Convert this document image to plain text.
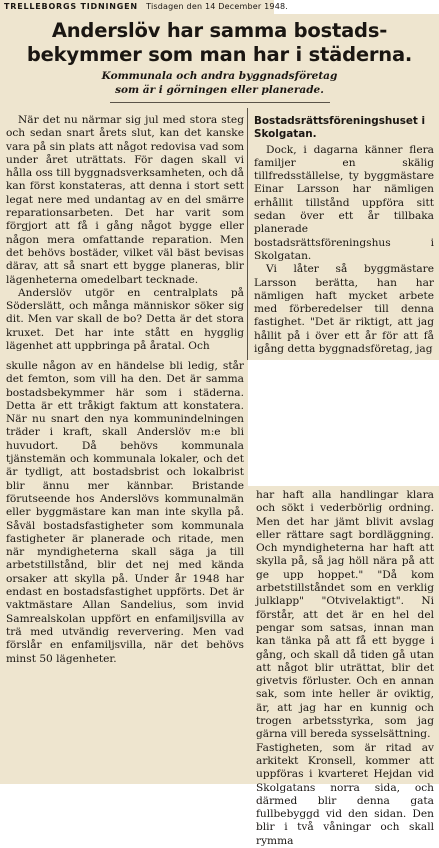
TRELLEBORGS TIDNINGEN Tisdagen den 14 December 1948.
Anderslöv har samma bostads-
bekymmer som man har i städerna.
Kommunala och andra byggnadsföretag
som är i görningen eller planerade.

När det nu närmar sig jul med stora steg och sedan snart årets slut, kan det kanske vara på sin plats att något redovisa vad som under året uträttats. För dagen skall vi hålla oss till byggnadsverksamheten, och då kan först konstateras, att denna i stort sett legat nere med undantag av en del smärre reparationsarbeten. Det har varit som förgjort att få i gång något bygge eller någon mera omfattande reparation. Men det behövs bostäder, vilket väl bäst bevisas därav, att så snart ett bygge planeras, blir lägenheterna omedelbart tecknade.

Anderslöv utgör en centralplats på Söderslätt, och många människor söker sig dit. Men var skall de bo? Detta är det stora kruxet. Det har inte stått en hygglig lägenhet att uppbringa på åratal. Och

Bostadsrättsföreningshuset i Skolgatan.

Dock, i dagarna känner flera familjer en skälig tillfredsställelse, ty byggmästare Einar Larsson har nämligen erhållit tillstånd uppföra sitt sedan över ett år tillbaka planerade bostadsrättsföreningshus i Skolgatan.

Vi låter så byggmästare Larsson berätta, han har nämligen haft mycket arbete med förberedelser till denna fastighet. "Det är riktigt, att jag hållit på i över ett år för att få igång detta byggnadsföretag, jag

skulle någon av en händelse bli ledig, står det femton, som vill ha den. Det är samma bostadsbekymmer här som i städerna. Detta är ett tråkigt faktum att konstatera. När nu snart den nya kommunindelningen träder i kraft, skall Anderslöv m:e bli huvudort. Då behövs kommunala tjänstemän och kommunala lokaler, och det är tydligt, att bostadsbrist och lokalbrist blir ännu mer kännbar. Bristande förutseende hos Anderslövs kommunalmän eller byggmästare kan man inte skylla på. Såväl bostadsfastigheter som kommunala fastigheter är planerade och ritade, men när myndigheterna skall säga ja till arbetstillstånd, blir det nej med kända orsaker att skylla på. Under år 1948 har endast en bostadsfastighet uppförts. Det är vaktmästare Allan Sandelius, som invid Samrealskolan uppfört en enfamiljsvilla av trä med utvändig reververing. Men vad förslår en enfamiljsvilla, när det behövs minst 50 lägenheter.

har haft alla handlingar klara och sökt i vederbörlig ordning. Men det har jämt blivit avslag eller rättare sagt bordläggning. Och myndigheterna har haft att skylla på, så jag höll nära på att ge upp hoppet." "Då kom arbetstillståndet som en verklig julklapp" "Otvivelaktigt". Ni förstår, att det är en hel del pengar som satsas, innan man kan tänka på att få ett bygge i gång, och skall då tiden gå utan att något blir uträttat, blir det givetvis förluster. Och en annan sak, som inte heller är oviktig, är, att jag har en kunnig och trogen arbetsstyrka, som jag gärna vill bereda sysselsättning.

Fastigheten, som är ritad av arkitekt Kronsell, kommer att uppföras i kvarteret Hejdan vid Skolgatans norra sida, och därmed blir denna gata fullbebyggd vid den sidan. Den blir i två våningar och skall rymma
